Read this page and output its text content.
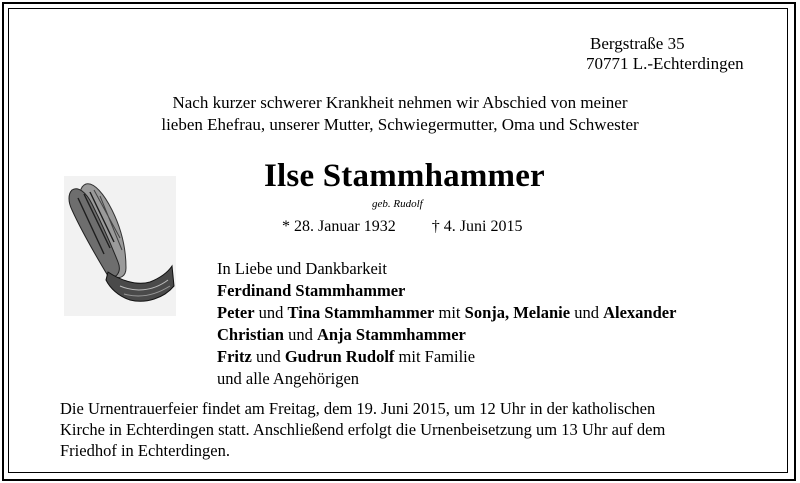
Bergstraße 35
70771 L.-Echterdingen
Nach kurzer schwerer Krankheit nehmen wir Abschied von meiner
lieben Ehefrau, unserer Mutter, Schwiegermutter, Oma und Schwester
Ilse Stammhammer
geb. Rudolf
* 28. Januar 1932 † 4. Juni 2015
In Liebe und Dankbarkeit
Ferdinand Stammhammer
Peter und Tina Stammhammer mit Sonja, Melanie und Alexander
Christian und Anja Stammhammer
Fritz und Gudrun Rudolf mit Familie
und alle Angehörigen
Die Urnentrauerfeier findet am Freitag, dem 19. Juni 2015, um 12 Uhr in der katholischen
Kirche in Echterdingen statt. Anschließend erfolgt die Urnenbeisetzung um 13 Uhr auf dem
Friedhof in Echterdingen.
